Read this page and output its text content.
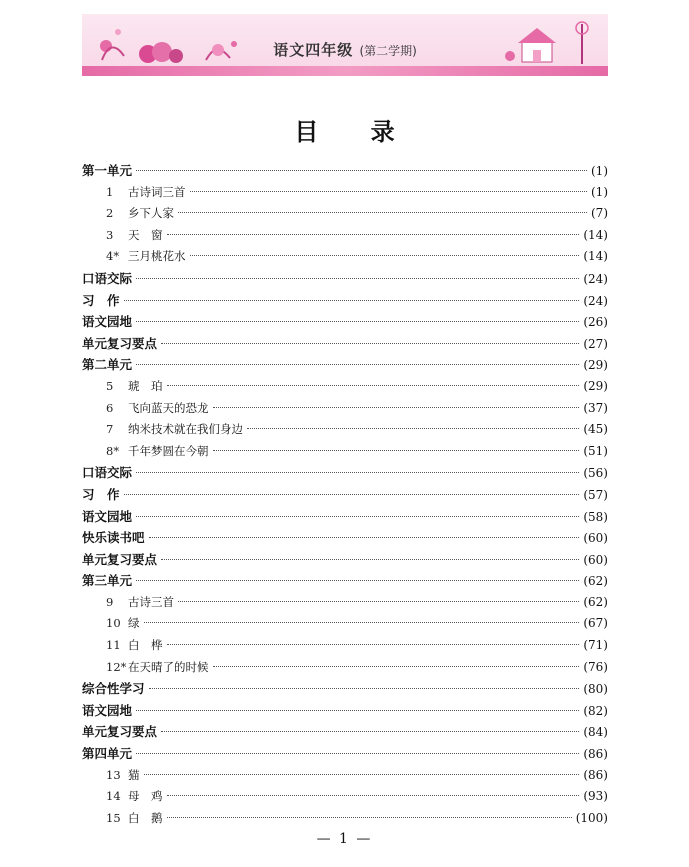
语文四年级 (第二学期)
目 录
第一单元	(1)
1	古诗词三首	(1)
2	乡下人家	(7)
3	天　窗	(14)
4* 三月桃花水	(14)
口语交际	(24)
习　作	(24)
语文园地	(26)
单元复习要点	(27)
第二单元	(29)
5	琥　珀	(29)
6	飞向蓝天的恐龙	(37)
7	纳米技术就在我们身边	(45)
8* 千年梦圆在今朝	(51)
口语交际	(56)
习　作	(57)
语文园地	(58)
快乐读书吧	(60)
单元复习要点	(60)
第三单元	(62)
9	古诗三首	(62)
10 绿	(67)
11 白　桦	(71)
12* 在天晴了的时候	(76)
综合性学习	(80)
语文园地	(82)
单元复习要点	(84)
第四单元	(86)
13 猫	(86)
14 母　鸡	(93)
15 白　鹅	(100)
— 1 —
